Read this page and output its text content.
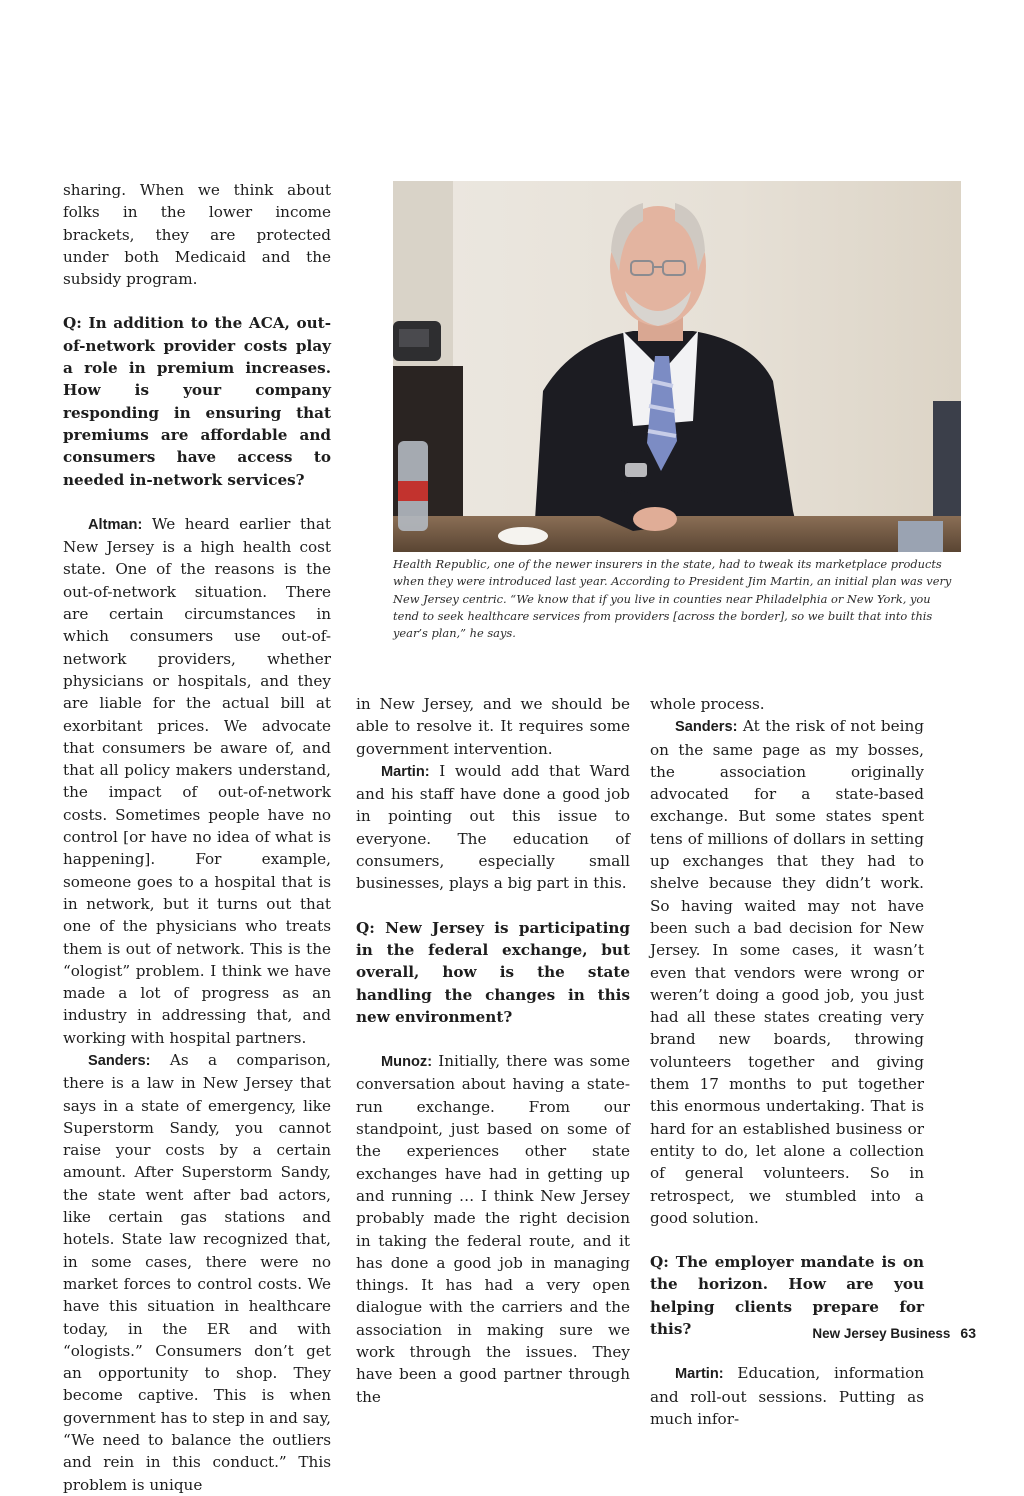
sharing. When we think about folks in the lower income brackets, they are protected under both Medicaid and the subsidy program.

Q: In addition to the ACA, out-of-network provider costs play a role in premium increases. How is your company responding in ensuring that premiums are affordable and consumers have access to needed in-network services?

Altman: We heard earlier that New Jersey is a high health cost state. One of the reasons is the out-of-network situation. There are certain circumstances in which consumers use out-of-network providers, whether physicians or hospitals, and they are liable for the actual bill at exorbitant prices. We advocate that consumers be aware of, and that all policy makers understand, the impact of out-of-network costs. Sometimes people have no control [or have no idea of what is happening]. For example, someone goes to a hospital that is in network, but it turns out that one of the physicians who treats them is out of network. This is the “ologist” problem. I think we have made a lot of progress as an industry in addressing that, and working with hospital partners.

Sanders: As a comparison, there is a law in New Jersey that says in a state of emergency, like Superstorm Sandy, you cannot raise your costs by a certain amount. After Superstorm Sandy, the state went after bad actors, like certain gas stations and hotels. State law recognized that, in some cases, there were no market forces to control costs. We have this situation in healthcare today, in the ER and with “ologists.” Consumers don’t get an opportunity to shop. They become captive. This is when government has to step in and say, “We need to balance the outliers and rein in this conduct.” This problem is unique

Health Republic, one of the newer insurers in the state, had to tweak its marketplace products when they were introduced last year. According to President Jim Martin, an initial plan was very New Jersey centric. “We know that if you live in counties near Philadelphia or New York, you tend to seek healthcare services from providers [across the border], so we built that into this year’s plan,” he says.

in New Jersey, and we should be able to resolve it. It requires some government intervention.

Martin: I would add that Ward and his staff have done a good job in pointing out this issue to everyone. The education of consumers, especially small businesses, plays a big part in this.

Q: New Jersey is participating in the federal exchange, but overall, how is the state handling the changes in this new environment?

Munoz: Initially, there was some conversation about having a state-run exchange. From our standpoint, just based on some of the experiences other state exchanges have had in getting up and running … I think New Jersey probably made the right decision in taking the federal route, and it has done a good job in managing things. It has had a very open dialogue with the carriers and the association in making sure we work through the issues. They have been a good partner through the

whole process.

Sanders: At the risk of not being on the same page as my bosses, the association originally advocated for a state-based exchange. But some states spent tens of millions of dollars in setting up exchanges that they had to shelve because they didn’t work. So having waited may not have been such a bad decision for New Jersey. In some cases, it wasn’t even that vendors were wrong or weren’t doing a good job, you just had all these states creating very brand new boards, throwing volunteers together and giving them 17 months to put together this enormous undertaking. That is hard for an established business or entity to do, let alone a collection of general volunteers. So in retrospect, we stumbled into a good solution.

Q: The employer mandate is on the horizon. How are you helping clients prepare for this?

Martin: Education, information and roll-out sessions. Putting as much infor-

New Jersey Business 63
